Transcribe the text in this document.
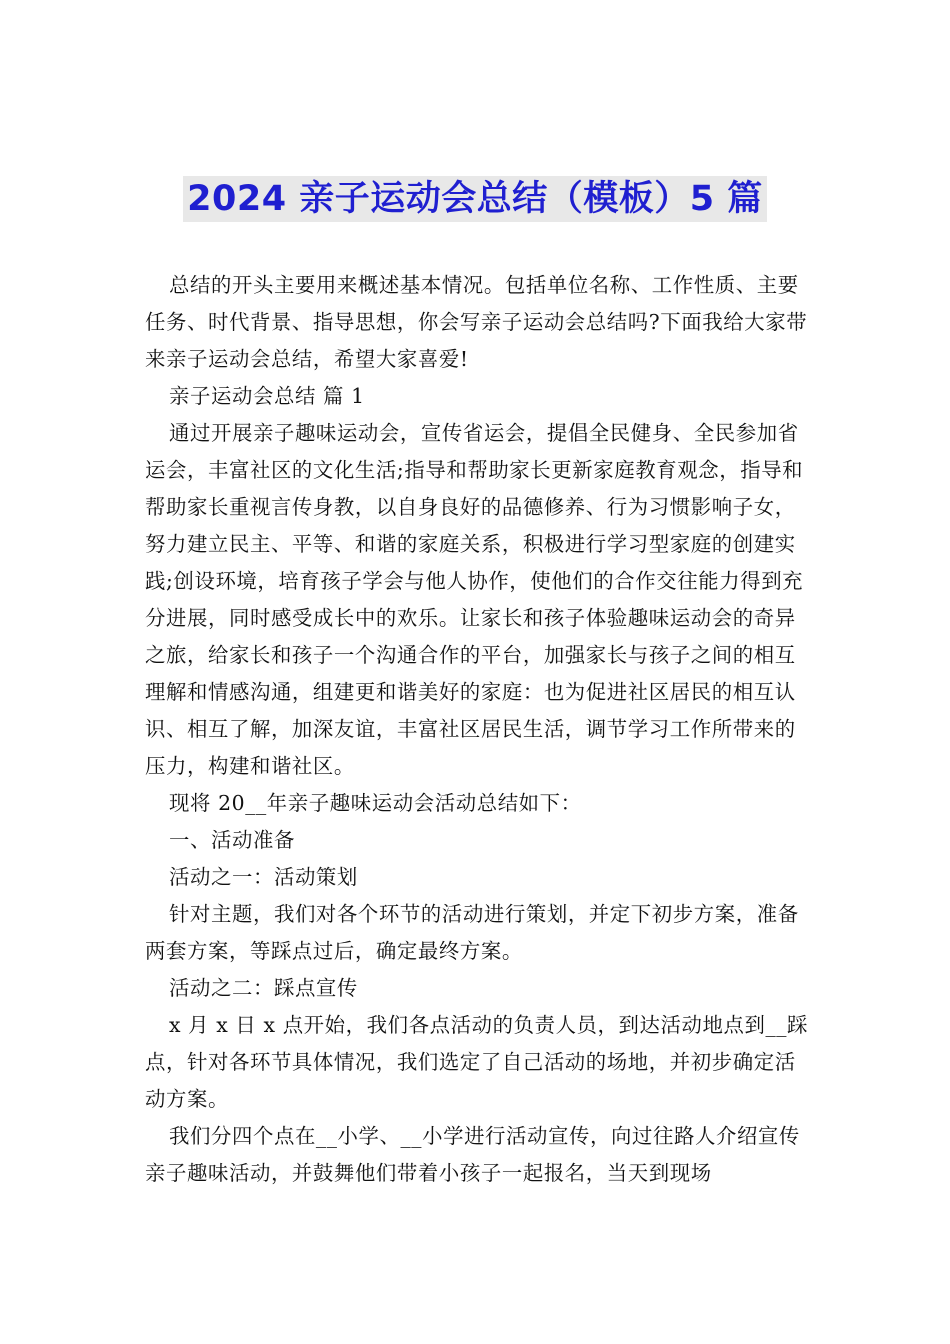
2024 亲子运动会总结（模板）5 篇

总结的开头主要用来概述基本情况。包括单位名称、工作性质、主要任务、时代背景、指导思想，你会写亲子运动会总结吗?下面我给大家带来亲子运动会总结，希望大家喜爱!

亲子运动会总结 篇 1

通过开展亲子趣味运动会，宣传省运会，提倡全民健身、全民参加省运会，丰富社区的文化生活;指导和帮助家长更新家庭教育观念，指导和帮助家长重视言传身教，以自身良好的品德修养、行为习惯影响子女，努力建立民主、平等、和谐的家庭关系，积极进行学习型家庭的创建实践;创设环境，培育孩子学会与他人协作，使他们的合作交往能力得到充分进展，同时感受成长中的欢乐。让家长和孩子体验趣味运动会的奇异之旅，给家长和孩子一个沟通合作的平台，加强家长与孩子之间的相互理解和情感沟通，组建更和谐美好的家庭：也为促进社区居民的相互认识、相互了解，加深友谊，丰富社区居民生活，调节学习工作所带来的压力，构建和谐社区。

现将 20__年亲子趣味运动会活动总结如下：

一、活动准备

活动之一：活动策划

针对主题，我们对各个环节的活动进行策划，并定下初步方案，准备两套方案，等踩点过后，确定最终方案。

活动之二：踩点宣传

x 月 x 日 x 点开始，我们各点活动的负责人员，到达活动地点到__踩点，针对各环节具体情况，我们选定了自己活动的场地，并初步确定活动方案。

我们分四个点在__小学、__小学进行活动宣传，向过往路人介绍宣传亲子趣味活动，并鼓舞他们带着小孩子一起报名，当天到现场
